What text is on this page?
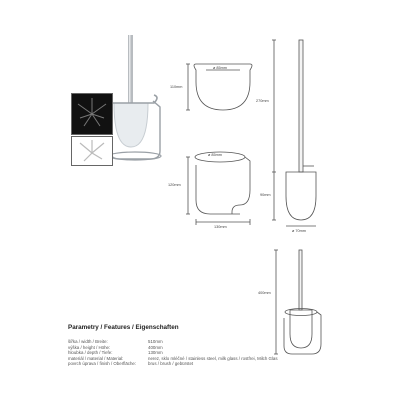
ø 85mm
110mm
ø 85mm
120mm
130mm
270mm
90mm
ø 70mm
400mm
Parametry / Features / Eigenschaften
šířka / width / Breite:	510mm
výška / height / Höhe:	400mm
hloubka / depth / Tiefe:	130mm
materiál / material / Material:	nerez, sklo mléčné / stainless steel, milk glass / rostfrei, Milch Glas
povrch úprava / finish / Oberfläche:	brus / brush / gebürstet
